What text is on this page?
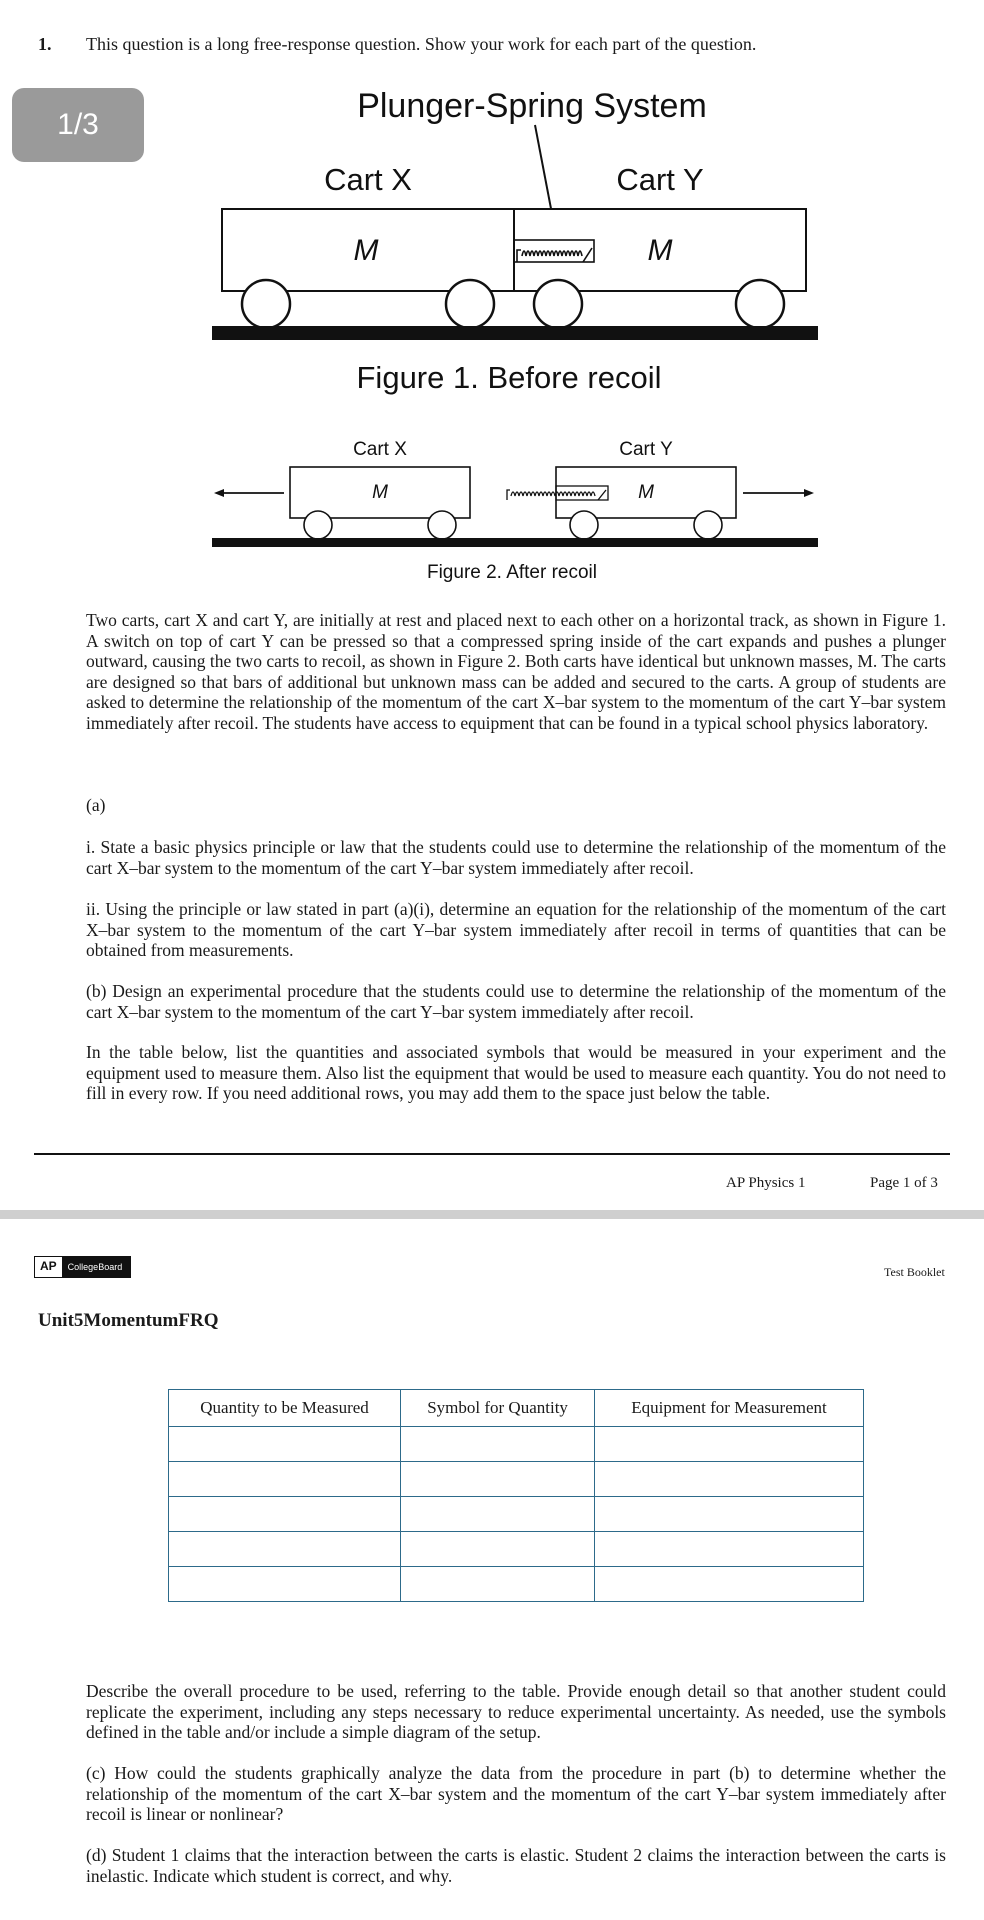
1. This question is a long free-response question. Show your work for each part of the question.
1/3	Plunger-Spring System
Cart X	Cart Y
M	M
Figure 1. Before recoil
Cart X	Cart Y
M	M
Figure 2. After recoil

Two carts, cart X and cart Y, are initially at rest and placed next to each other on a horizontal track, as shown in Figure 1. A switch on top of cart Y can be pressed so that a compressed spring inside of the cart expands and pushes a plunger outward, causing the two carts to recoil, as shown in Figure 2. Both carts have identical but unknown masses, M. The carts are designed so that bars of additional but unknown mass can be added and secured to the carts. A group of students are asked to determine the relationship of the momentum of the cart X–bar system to the momentum of the cart Y–bar system immediately after recoil. The students have access to equipment that can be found in a typical school physics laboratory.

(a)

i. State a basic physics principle or law that the students could use to determine the relationship of the momentum of the cart X–bar system to the momentum of the cart Y–bar system immediately after recoil.

ii. Using the principle or law stated in part (a)(i), determine an equation for the relationship of the momentum of the cart X–bar system to the momentum of the cart Y–bar system immediately after recoil in terms of quantities that can be obtained from measurements.

(b) Design an experimental procedure that the students could use to determine the relationship of the momentum of the cart X–bar system to the momentum of the cart Y–bar system immediately after recoil.

In the table below, list the quantities and associated symbols that would be measured in your experiment and the equipment used to measure them. Also list the equipment that would be used to measure each quantity. You do not need to fill in every row. If you need additional rows, you may add them to the space just below the table.

AP Physics 1	Page 1 of 3
AP	CollegeBoard	Test Booklet
Unit5MomentumFRQ
Quantity to be Measured	Symbol for Quantity	Equipment for Measurement

Describe the overall procedure to be used, referring to the table. Provide enough detail so that another student could replicate the experiment, including any steps necessary to reduce experimental uncertainty. As needed, use the symbols defined in the table and/or include a simple diagram of the setup.

(c) How could the students graphically analyze the data from the procedure in part (b) to determine whether the relationship of the momentum of the cart X–bar system and the momentum of the cart Y–bar system immediately after recoil is linear or nonlinear?

(d) Student 1 claims that the interaction between the carts is elastic. Student 2 claims the interaction between the carts is inelastic. Indicate which student is correct, and why.
